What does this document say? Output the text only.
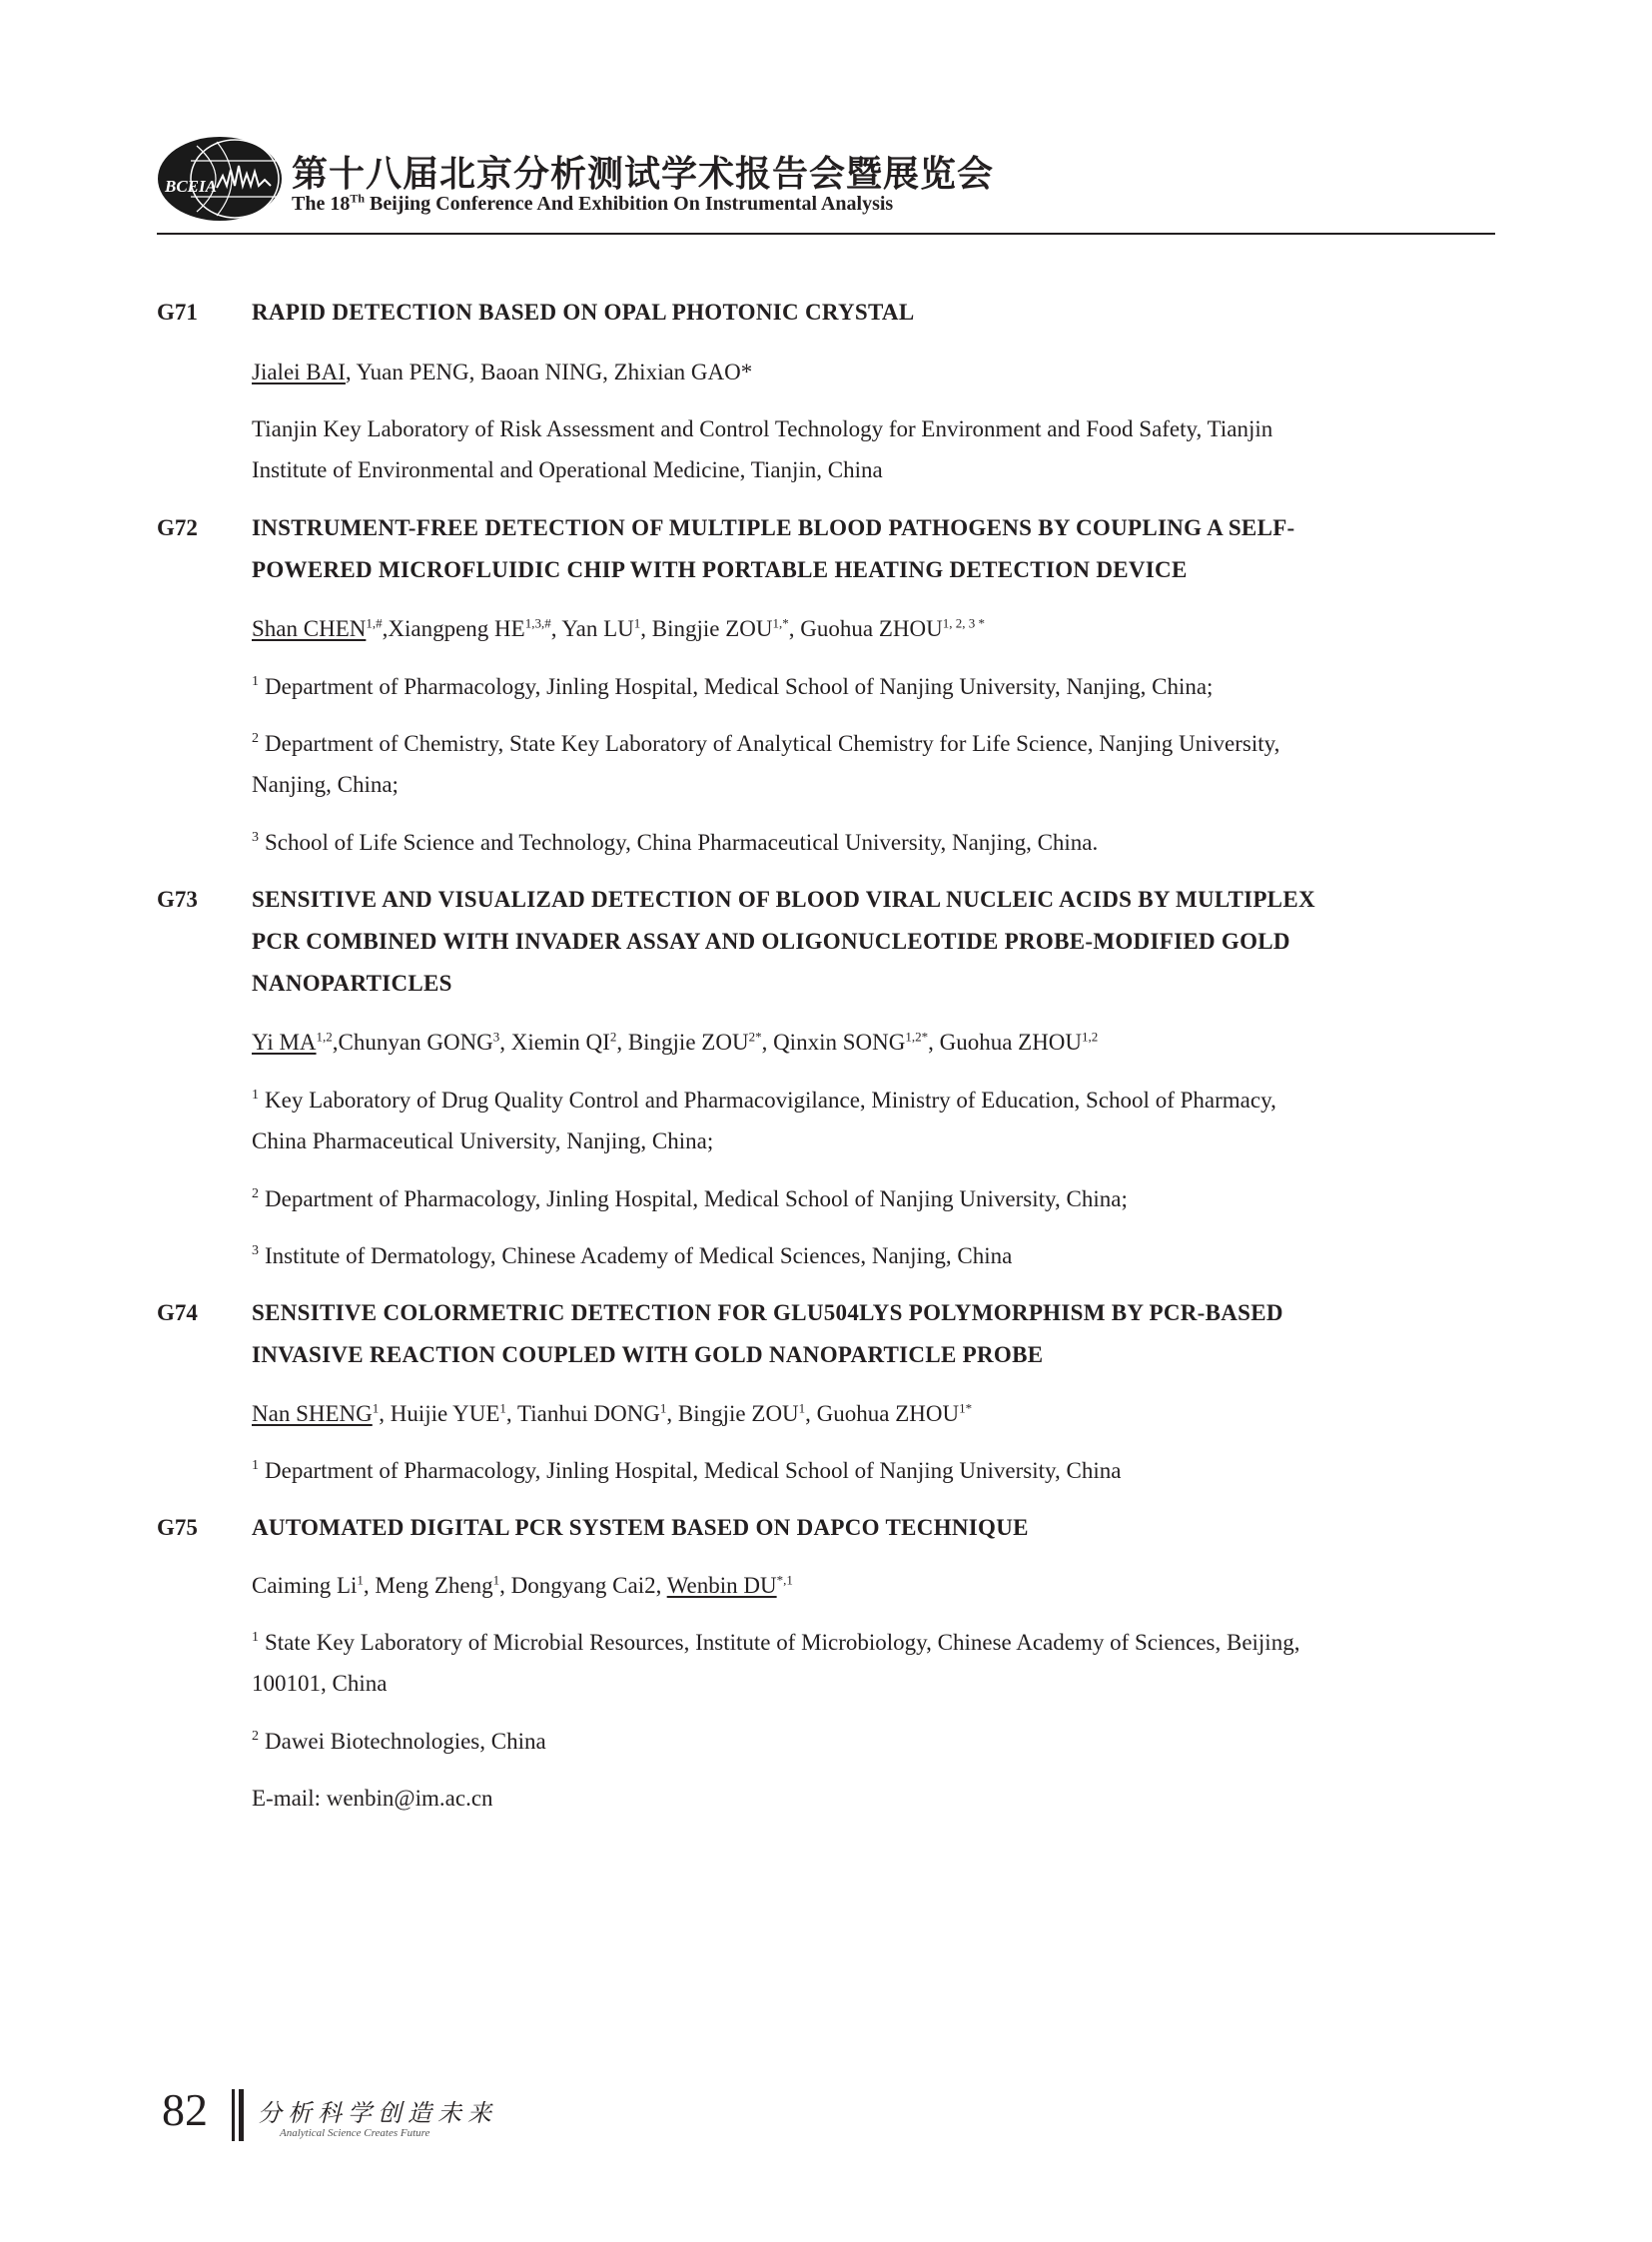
BCEIA 第十八届北京分析测试学术报告会暨展览会
The 18Th Beijing Conference And Exhibition On Instrumental Analysis
G71 RAPID DETECTION BASED ON OPAL PHOTONIC CRYSTAL
Jialei BAI, Yuan PENG, Baoan NING, Zhixian GAO*
Tianjin Key Laboratory of Risk Assessment and Control Technology for Environment and Food Safety, Tianjin
Institute of Environmental and Operational Medicine, Tianjin, China
G72 INSTRUMENT-FREE DETECTION OF MULTIPLE BLOOD PATHOGENS BY COUPLING A SELF-
POWERED MICROFLUIDIC CHIP WITH PORTABLE HEATING DETECTION DEVICE
Shan $CHEN^{1,\#},Xiangpeng$ $HE^{1,3,\#}$, Yan $LU^1$, Bingjie $ZOU^{1,*}$, Guohua $ZHOU^{1, 2, 3 *}$
$^1$ Department of Pharmacology, Jinling Hospital, Medical School of Nanjing University, Nanjing, China;
$^2$ Department of Chemistry, State Key Laboratory of Analytical Chemistry for Life Science, Nanjing University,
Nanjing, China;
$^3$ School of Life Science and Technology, China Pharmaceutical University, Nanjing, China.
G73 SENSITIVE AND VISUALIZAD DETECTION OF BLOOD VIRAL NUCLEIC ACIDS BY MULTIPLEX
PCR COMBINED WITH INVADER ASSAY AND OLIGONUCLEOTIDE PROBE-MODIFIED GOLD
NANOPARTICLES
Yi MA$^{1,2}$,Chunyan GONG$^3$, Xiemin $QI^2$, Bingjie $ZOU^{2*}$, Qinxin $SONG^{1,2*}$, Guohua ZHOU$^{1,2}$
$^1$ Key Laboratory of Drug Quality Control and Pharmacovigilance, Ministry of Education, School of Pharmacy,
China Pharmaceutical University, Nanjing, China;
$^2$ Department of Pharmacology, Jinling Hospital, Medical School of Nanjing University, China;
$^3$ Institute of Dermatology, Chinese Academy of Medical Sciences, Nanjing, China
G74 SENSITIVE COLORMETRIC DETECTION FOR GLU504LYS POLYMORPHISM BY PCR-BASED
INVASIVE REACTION COUPLED WITH GOLD NANOPARTICLE PROBE
Nan SHENG$^1$, Huijie YUE$^1$, Tianhui DONG$^1$, Bingjie ZOU$^1$, Guohua $ZHOU^{1*}$
$^1$ Department of Pharmacology, Jinling Hospital, Medical School of Nanjing University, China
G75 AUTOMATED DIGITAL PCR SYSTEM BASED ON DAPCO TECHNIQUE
Caiming Li$^1$, Meng Zheng$^1$, Dongyang Cai2, Wenbin $DU^{*,1}$
$^1$ State Key Laboratory of Microbial Resources, Institute of Microbiology, Chinese Academy of Sciences, Beijing,
100101, China
$^2$ Dawei Biotechnologies, China
E-mail: wenbin@im.ac.cn
82 分析科学创造未来
Analytical Science Creates Future
